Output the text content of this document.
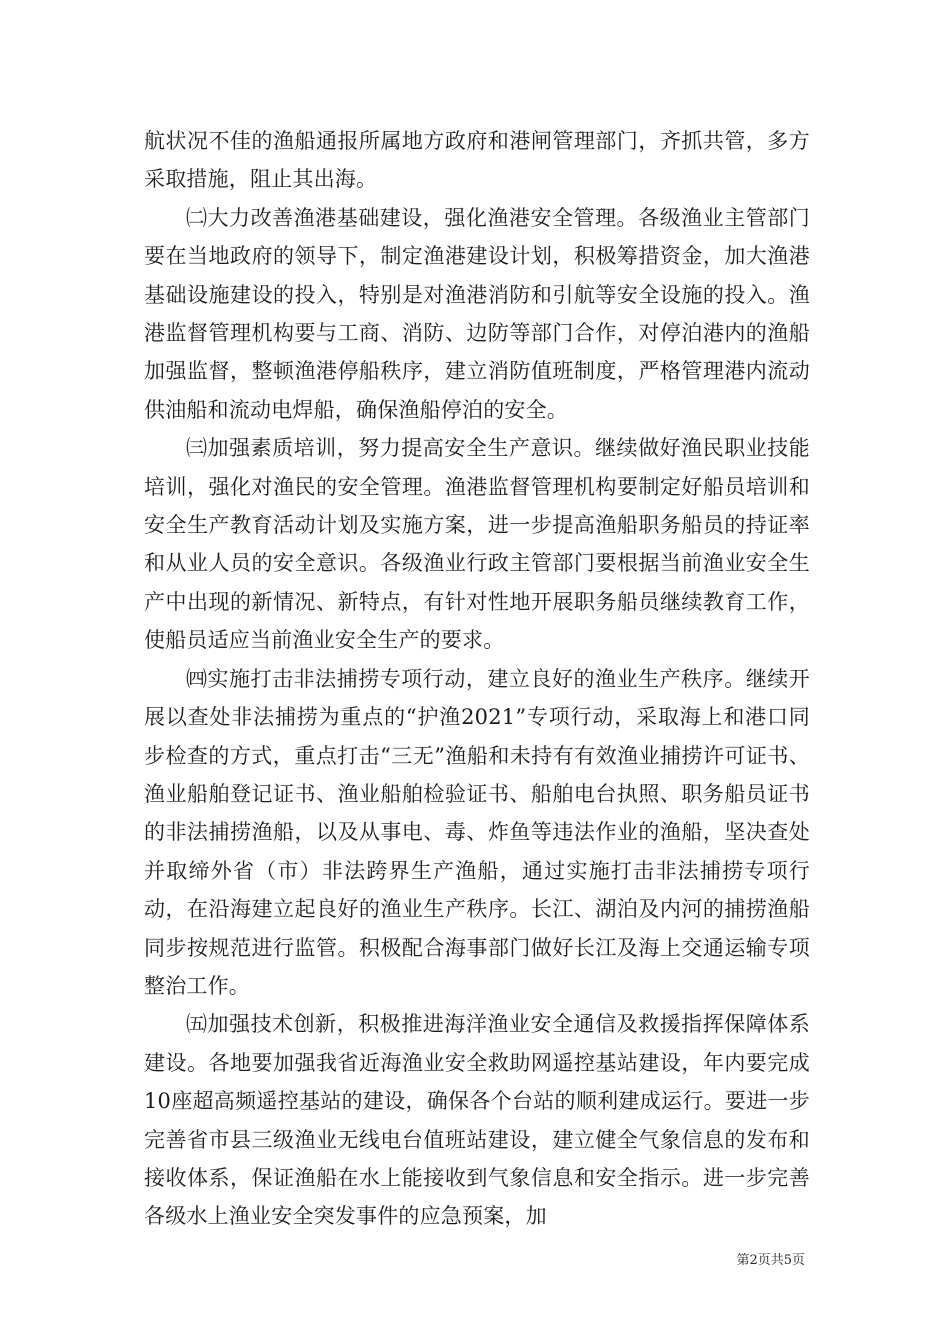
航状况不佳的渔船通报所属地方政府和港闸管理部门，齐抓共管，多方采取措施，阻止其出海。

㈡大力改善渔港基础建设，强化渔港安全管理。各级渔业主管部门要在当地政府的领导下，制定渔港建设计划，积极筹措资金，加大渔港基础设施建设的投入，特别是对渔港消防和引航等安全设施的投入。渔港监督管理机构要与工商、消防、边防等部门合作，对停泊港内的渔船加强监督，整顿渔港停船秩序，建立消防值班制度，严格管理港内流动供油船和流动电焊船，确保渔船停泊的安全。

㈢加强素质培训，努力提高安全生产意识。继续做好渔民职业技能培训，强化对渔民的安全管理。渔港监督管理机构要制定好船员培训和安全生产教育活动计划及实施方案，进一步提高渔船职务船员的持证率和从业人员的安全意识。各级渔业行政主管部门要根据当前渔业安全生产中出现的新情况、新特点，有针对性地开展职务船员继续教育工作，使船员适应当前渔业安全生产的要求。

㈣实施打击非法捕捞专项行动，建立良好的渔业生产秩序。继续开展以查处非法捕捞为重点的“护渔2021”专项行动，采取海上和港口同步检查的方式，重点打击“三无”渔船和未持有有效渔业捕捞许可证书、渔业船舶登记证书、渔业船舶检验证书、船舶电台执照、职务船员证书的非法捕捞渔船，以及从事电、毒、炸鱼等违法作业的渔船，坚决查处并取缔外省（市）非法跨界生产渔船，通过实施打击非法捕捞专项行动，在沿海建立起良好的渔业生产秩序。长江、湖泊及内河的捕捞渔船同步按规范进行监管。积极配合海事部门做好长江及海上交通运输专项整治工作。

㈤加强技术创新，积极推进海洋渔业安全通信及救援指挥保障体系建设。各地要加强我省近海渔业安全救助网遥控基站建设，年内要完成10座超高频遥控基站的建设，确保各个台站的顺利建成运行。要进一步完善省市县三级渔业无线电台值班站建设，建立健全气象信息的发布和接收体系，保证渔船在水上能接收到气象信息和安全指示。进一步完善各级水上渔业安全突发事件的应急预案，加

第2页共5页
